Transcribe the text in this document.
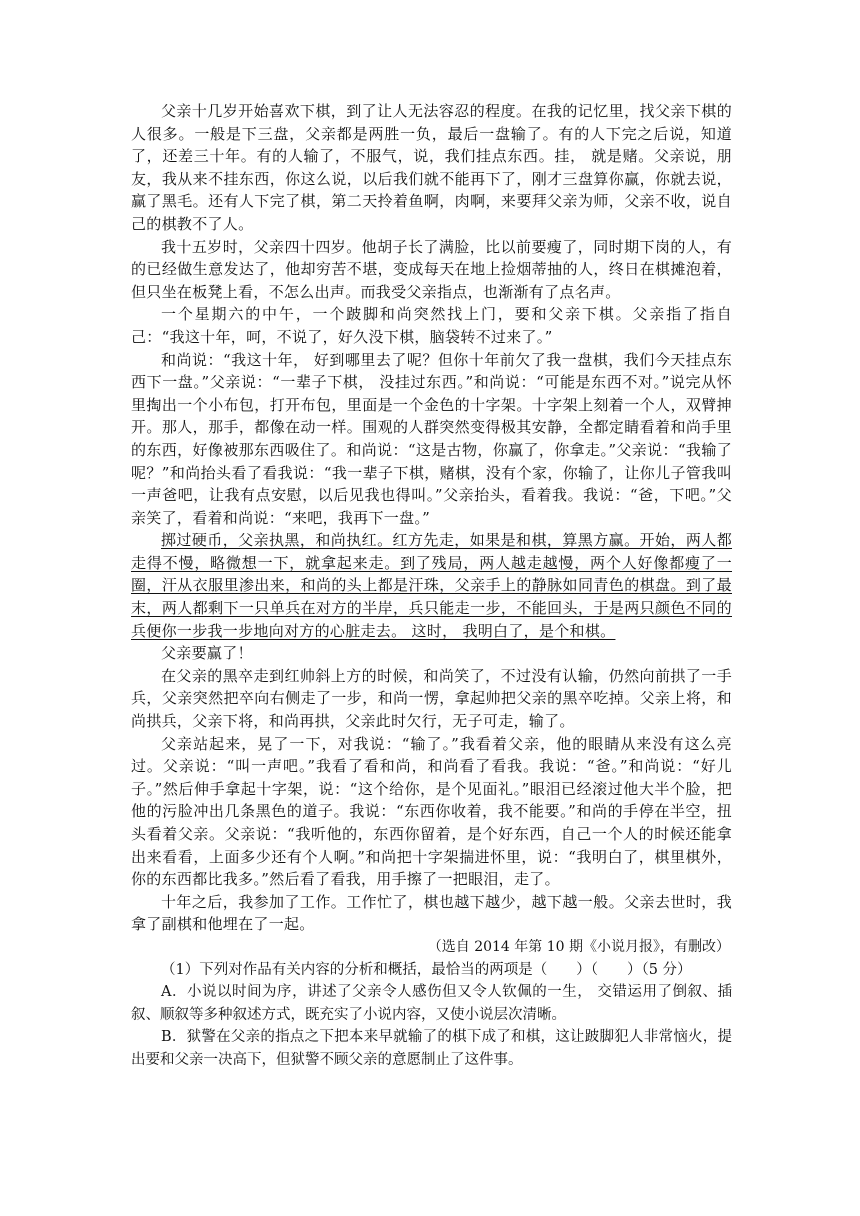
父亲十几岁开始喜欢下棋，到了让人无法容忍的程度。在我的记忆里，找父亲下棋的人很多。一般是下三盘，父亲都是两胜一负，最后一盘输了。有的人下完之后说，知道了，还差三十年。有的人输了，不服气，说，我们挂点东西。挂， 就是赌。父亲说，朋友，我从来不挂东西，你这么说，以后我们就不能再下了，刚才三盘算你赢，你就去说，赢了黑毛。还有人下完了棋，第二天拎着鱼啊，肉啊，来要拜父亲为师，父亲不收，说自己的棋教不了人。

我十五岁时，父亲四十四岁。他胡子长了满脸，比以前要瘦了，同时期下岗的人，有的已经做生意发达了，他却穷苦不堪，变成每天在地上捡烟蒂抽的人，终日在棋摊泡着，但只坐在板凳上看，不怎么出声。而我受父亲指点，也渐渐有了点名声。

一个星期六的中午，一个跛脚和尚突然找上门，要和父亲下棋。父亲指了指自己：“我这十年，呵，不说了，好久没下棋，脑袋转不过来了。”

和尚说：“我这十年， 好到哪里去了呢？但你十年前欠了我一盘棋，我们今天挂点东西下一盘。”父亲说：“一辈子下棋， 没挂过东西。”和尚说：“可能是东西不对。”说完从怀里掏出一个小布包，打开布包，里面是一个金色的十字架。十字架上刻着一个人，双臂抻开。那人，那手，都像在动一样。围观的人群突然变得极其安静，全都定睛看着和尚手里的东西，好像被那东西吸住了。和尚说：“这是古物，你赢了，你拿走。”父亲说：“我输了呢？”和尚抬头看了看我说：“我一辈子下棋，赌棋，没有个家，你输了，让你儿子管我叫一声爸吧，让我有点安慰，以后见我也得叫。”父亲抬头，看着我。我说：“爸，下吧。”父亲笑了，看着和尚说：“来吧，我再下一盘。”

掷过硬币，父亲执黑，和尚执红。红方先走，如果是和棋，算黑方赢。开始，两人都走得不慢，略微想一下，就拿起来走。到了残局，两人越走越慢，两个人好像都瘦了一圈，汗从衣服里渗出来，和尚的头上都是汗珠，父亲手上的静脉如同青色的棋盘。到了最末，两人都剩下一只单兵在对方的半岸，兵只能走一步，不能回头，于是两只颜色不同的兵便你一步我一步地向对方的心脏走去。 这时， 我明白了，是个和棋。

父亲要赢了！

在父亲的黑卒走到红帅斜上方的时候，和尚笑了，不过没有认输，仍然向前拱了一手兵，父亲突然把卒向右侧走了一步，和尚一愣，拿起帅把父亲的黑卒吃掉。父亲上将，和尚拱兵，父亲下将，和尚再拱，父亲此时欠行，无子可走，输了。

父亲站起来，晃了一下，对我说：“输了。”我看着父亲，他的眼睛从来没有这么亮过。父亲说：“叫一声吧。”我看了看和尚，和尚看了看我。我说：“爸。”和尚说：“好儿子。”然后伸手拿起十字架，说：“这个给你，是个见面礼。”眼泪已经滚过他大半个脸，把他的污脸冲出几条黑色的道子。我说：“东西你收着，我不能要。”和尚的手停在半空，扭头看着父亲。父亲说：“我听他的，东西你留着，是个好东西，自己一个人的时候还能拿出来看看，上面多少还有个人啊。”和尚把十字架揣进怀里，说：“我明白了，棋里棋外，你的东西都比我多。”然后看了看我，用手擦了一把眼泪，走了。

十年之后，我参加了工作。工作忙了，棋也越下越少，越下越一般。父亲去世时，我拿了副棋和他埋在了一起。

（选自 2014 年第 10 期《小说月报》，有删改）

（1）下列对作品有关内容的分析和概括，最恰当的两项是（　　）（　　）（5 分）

A．小说以时间为序，讲述了父亲令人感伤但又令人钦佩的一生， 交错运用了倒叙、插叙、顺叙等多种叙述方式，既充实了小说内容，又使小说层次清晰。

B．狱警在父亲的指点之下把本来早就输了的棋下成了和棋，这让跛脚犯人非常恼火，提出要和父亲一决高下，但狱警不顾父亲的意愿制止了这件事。
